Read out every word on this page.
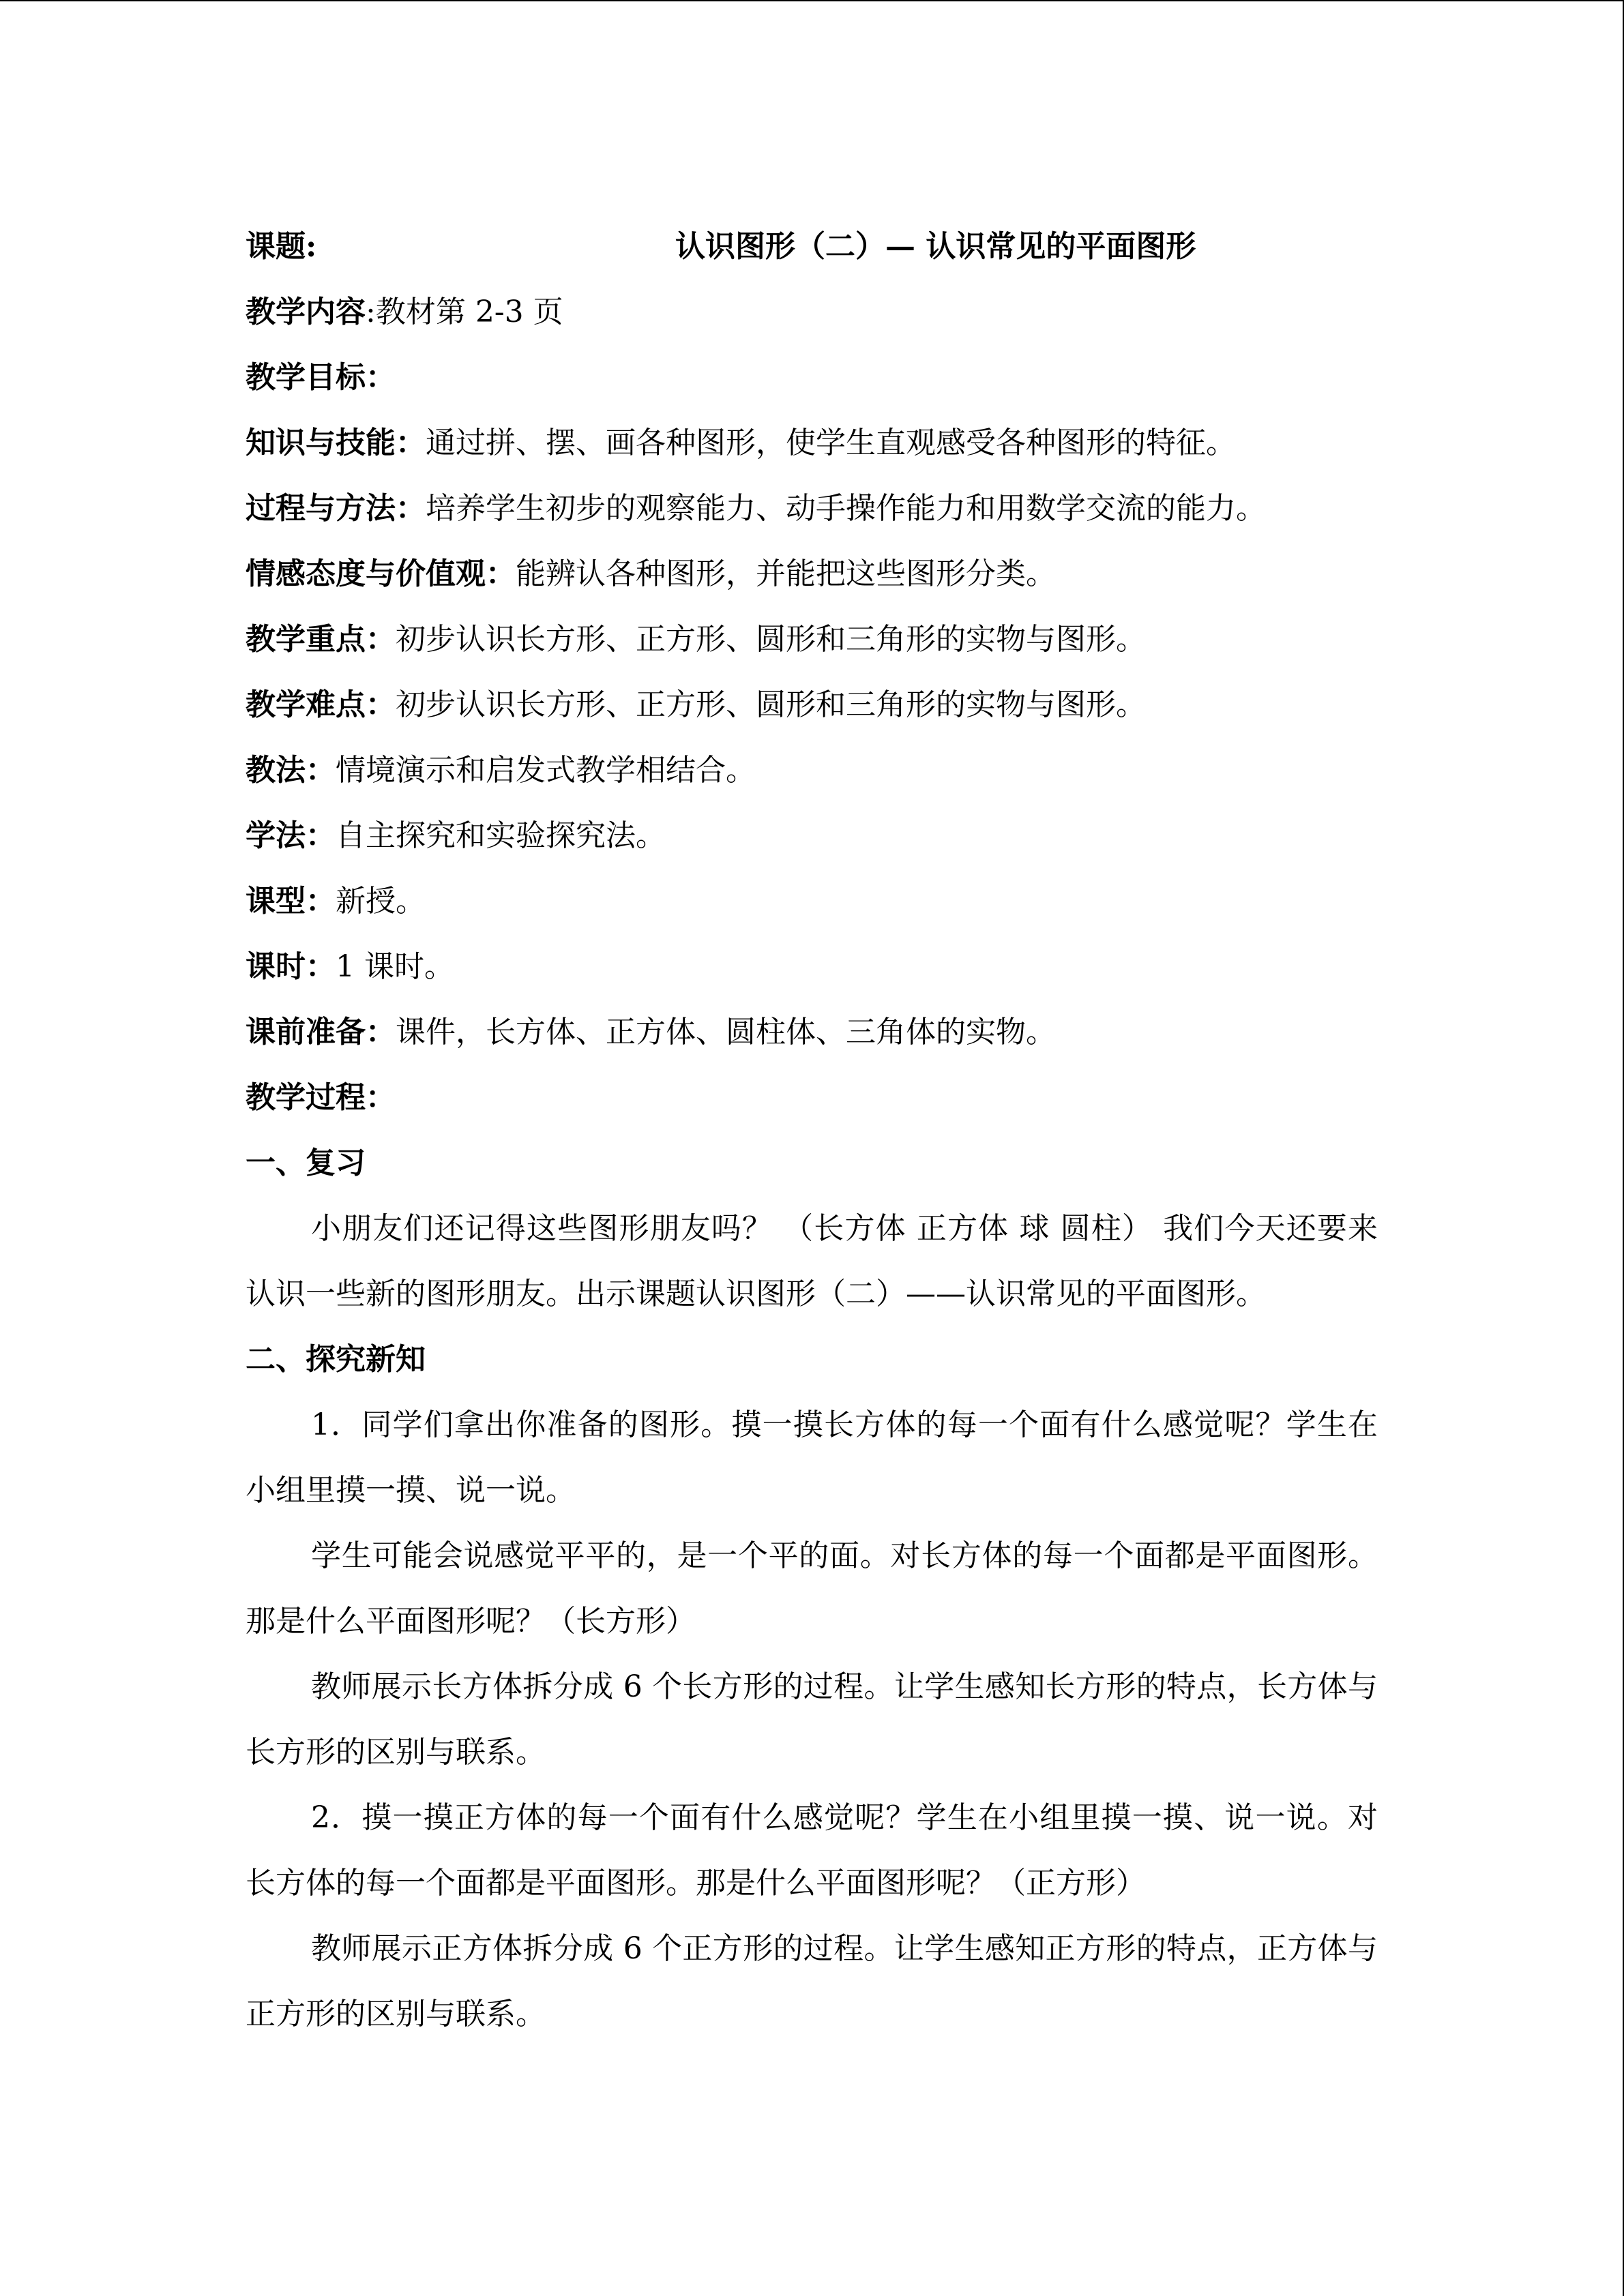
课题:	认识图形（二）— 认识常见的平面图形
教学内容:教材第 2-3 页
教学目标：
知识与技能：通过拼、摆、画各种图形，使学生直观感受各种图形的特征。
过程与方法：培养学生初步的观察能力、动手操作能力和用数学交流的能力。
情感态度与价值观：能辨认各种图形，并能把这些图形分类。
教学重点：初步认识长方形、正方形、圆形和三角形的实物与图形。
教学难点：初步认识长方形、正方形、圆形和三角形的实物与图形。
教法：情境演示和启发式教学相结合。
学法：自主探究和实验探究法。
课型：新授。
课时：1 课时。
课前准备：课件，长方体、正方体、圆柱体、三角体的实物。
教学过程：
一、复习
小朋友们还记得这些图形朋友吗？ （长方体 正方体 球 圆柱） 我们今天还要来认识一些新的图形朋友。出示课题认识图形（二）——认识常见的平面图形。
二、探究新知
1．同学们拿出你准备的图形。摸一摸长方体的每一个面有什么感觉呢？学生在小组里摸一摸、说一说。
学生可能会说感觉平平的，是一个平的面。对长方体的每一个面都是平面图形。那是什么平面图形呢？（长方形）
教师展示长方体拆分成 6 个长方形的过程。让学生感知长方形的特点，长方体与长方形的区别与联系。
2．摸一摸正方体的每一个面有什么感觉呢？学生在小组里摸一摸、说一说。对长方体的每一个面都是平面图形。那是什么平面图形呢？（正方形）
教师展示正方体拆分成 6 个正方形的过程。让学生感知正方形的特点，正方体与正方形的区别与联系。
